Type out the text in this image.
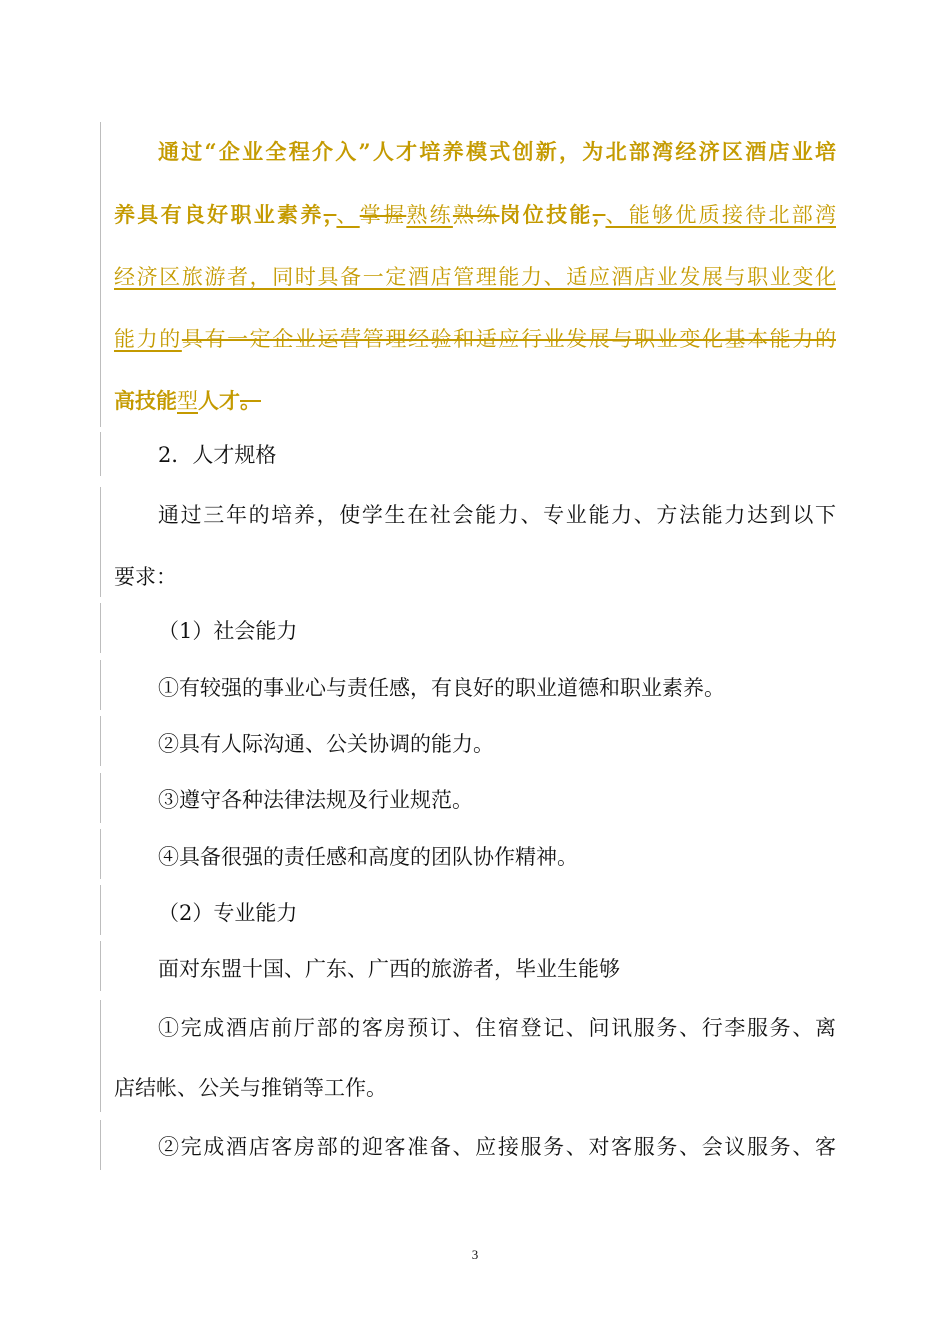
通过“企业全程介入”人才培养模式创新，为北部湾经济区酒店业培
养具有良好职业素养，、掌握熟练熟练岗位技能，、能够优质接待北部湾
经济区旅游者，同时具备一定酒店管理能力、适应酒店业发展与职业变化
能力的具有一定企业运营管理经验和适应行业发展与职业变化基本能力的
高技能型人才。
2．人才规格
通过三年的培养，使学生在社会能力、专业能力、方法能力达到以下
要求：
（1）社会能力
①有较强的事业心与责任感，有良好的职业道德和职业素养。
②具有人际沟通、公关协调的能力。
③遵守各种法律法规及行业规范。
④具备很强的责任感和高度的团队协作精神。
（2）专业能力
面对东盟十国、广东、广西的旅游者，毕业生能够
①完成酒店前厅部的客房预订、住宿登记、问讯服务、行李服务、离
店结帐、公关与推销等工作。
②完成酒店客房部的迎客准备、应接服务、对客服务、会议服务、客
3
